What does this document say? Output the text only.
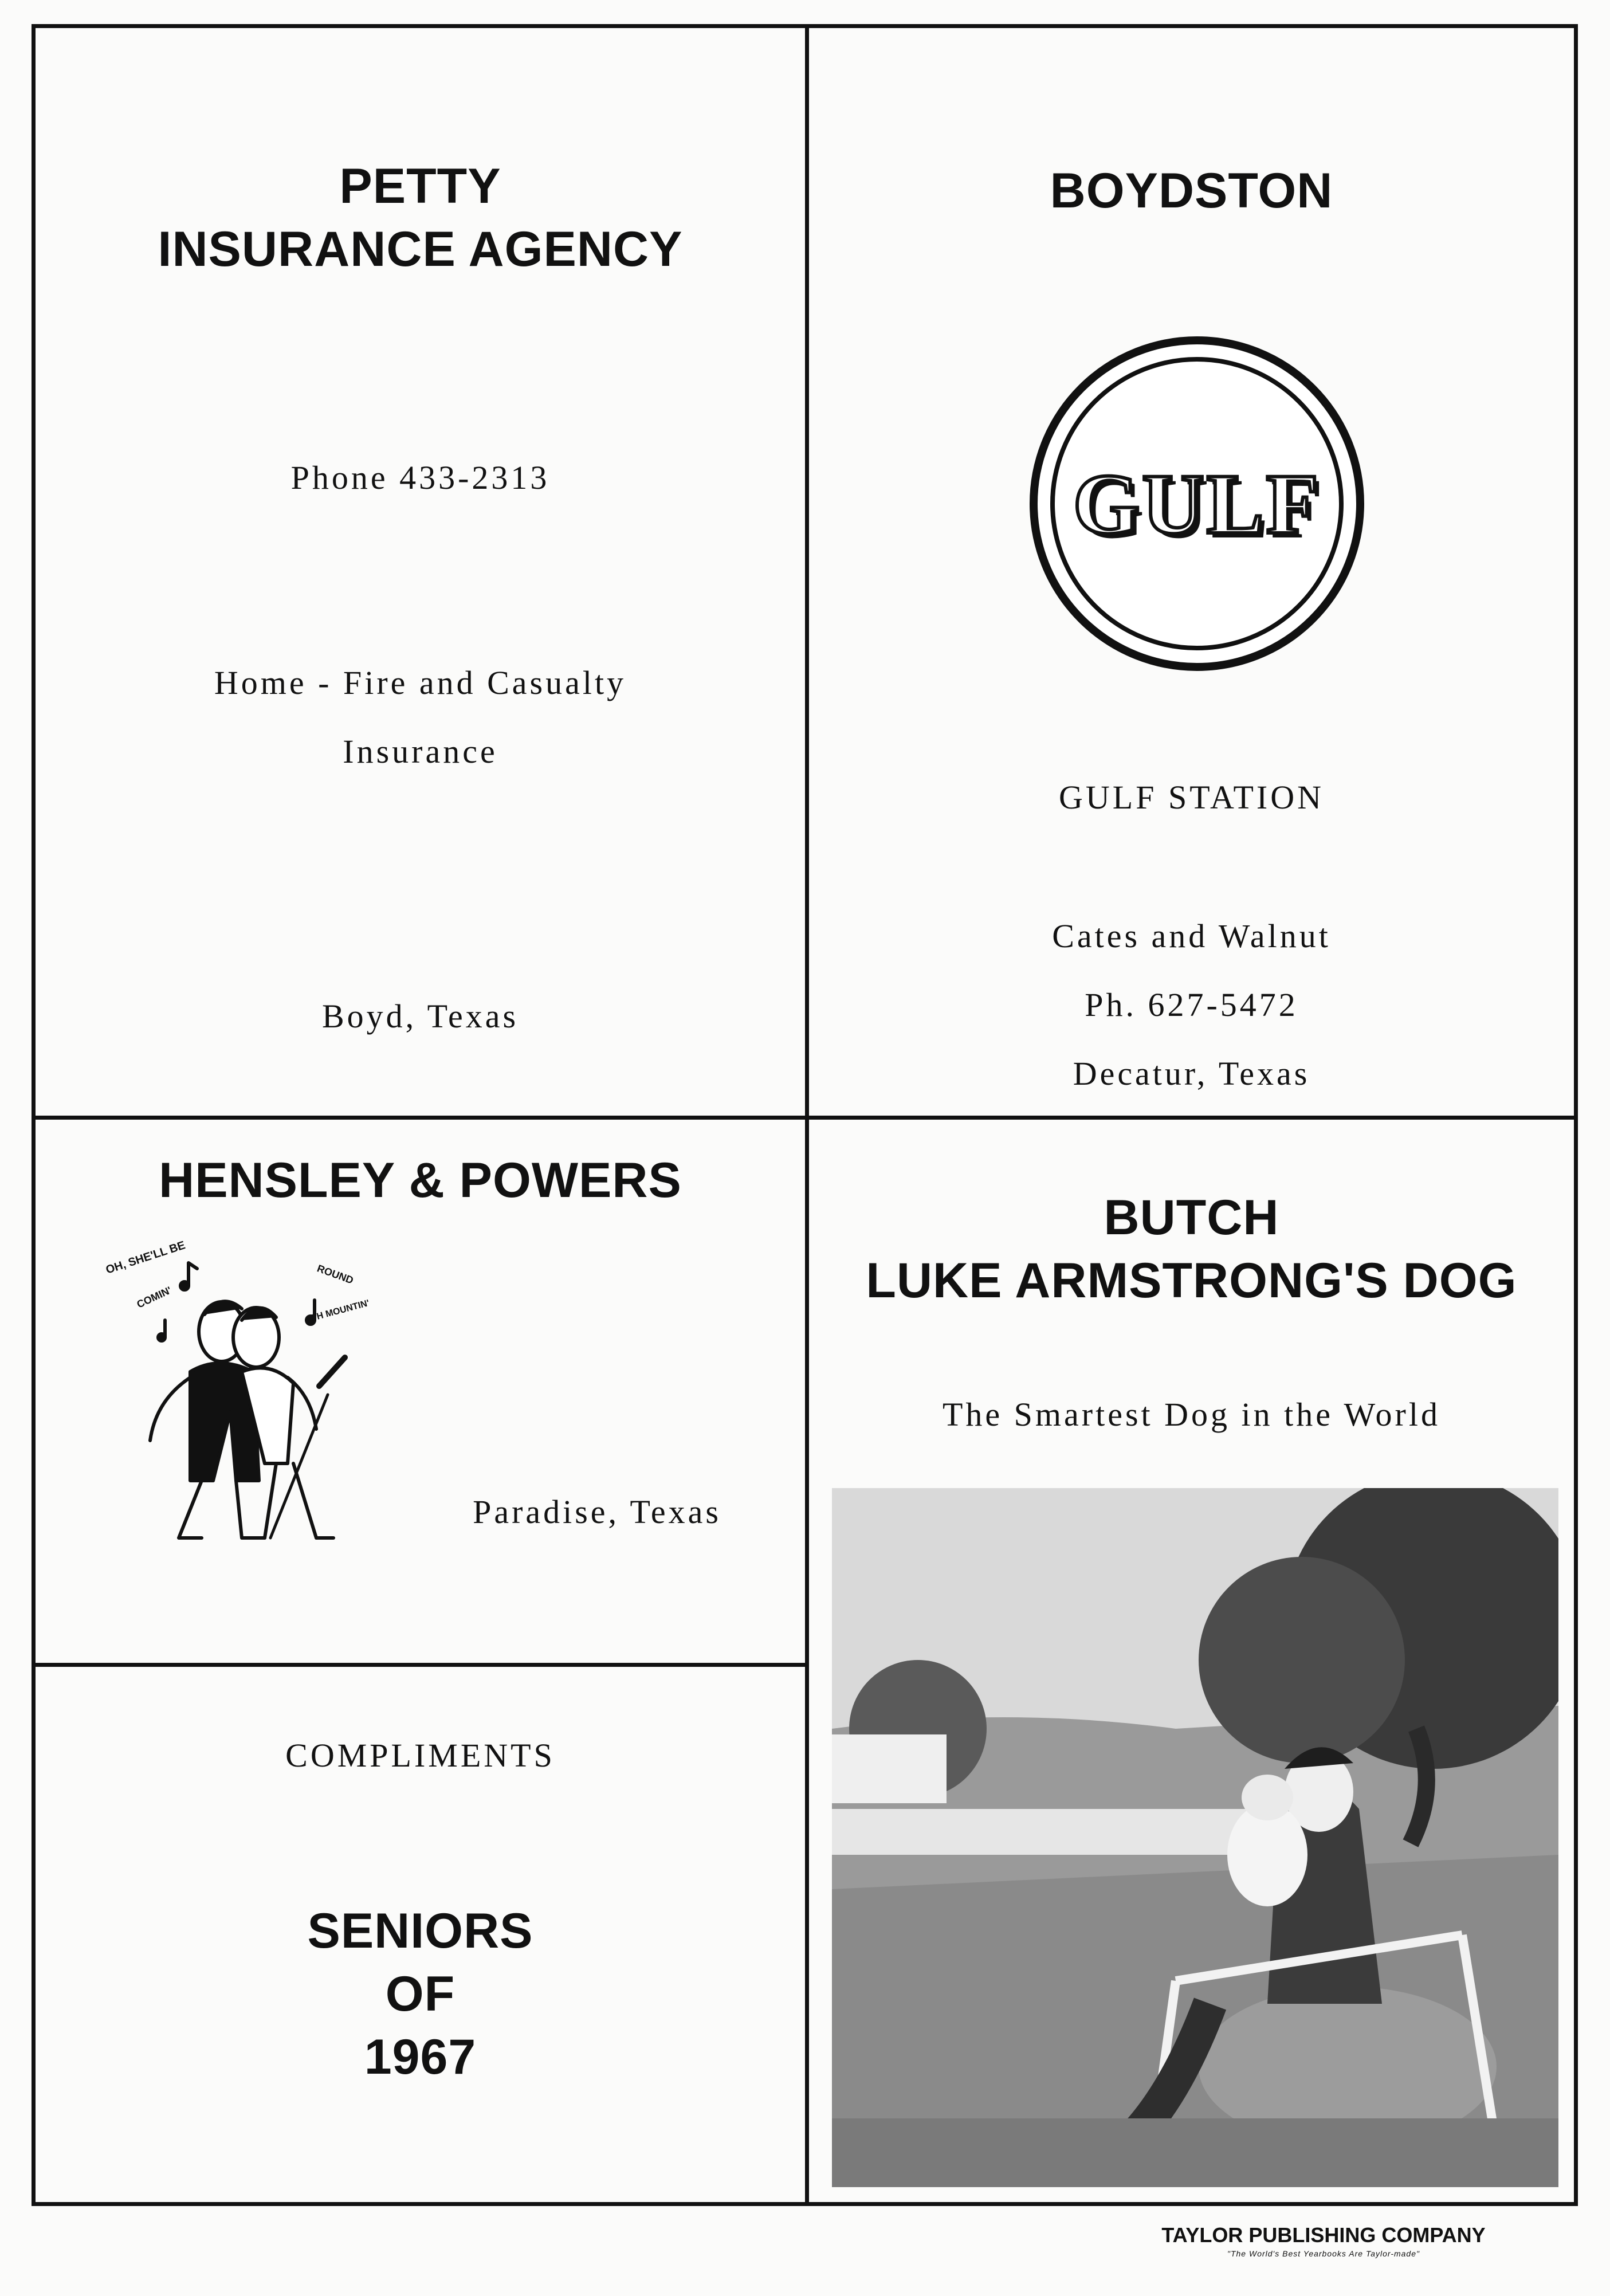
PETTY
INSURANCE AGENCY
Phone 433-2313
Home - Fire and Casualty
Insurance
Boyd, Texas
BOYDSTON
GULF
GULF STATION
Cates and Walnut
Ph. 627-5472
Decatur, Texas
HENSLEY & POWERS
OH, SHE'LL BE
COMIN'
ROUND
TH MOUNTIN'
Paradise, Texas
COMPLIMENTS
SENIORS
OF
1967
BUTCH
LUKE ARMSTRONG'S DOG
The Smartest Dog in the World
TAYLOR PUBLISHING COMPANY
"The World's Best Yearbooks Are Taylor-made"
